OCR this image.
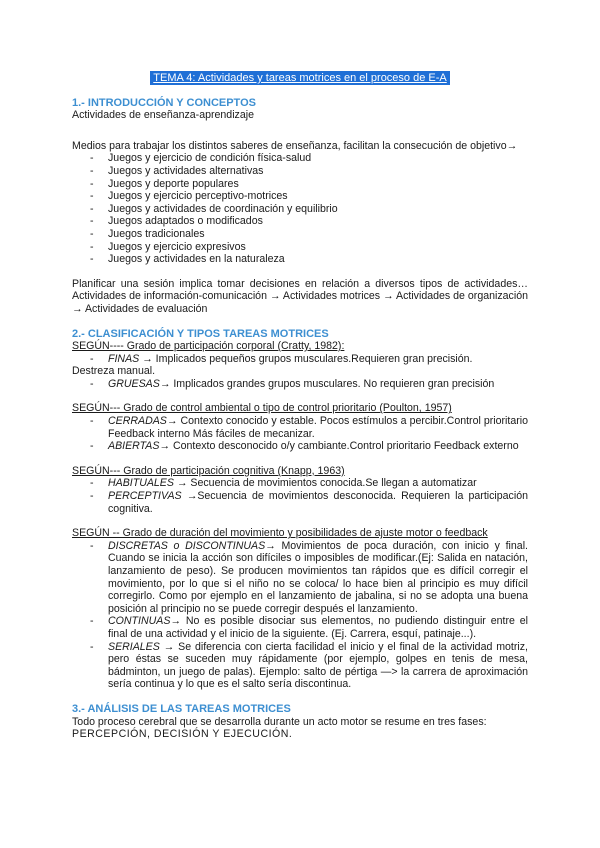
TEMA 4: Actividades y tareas motrices en el proceso de E-A

1.- INTRODUCCIÓN Y CONCEPTOS

Actividades de enseñanza-aprendizaje

Medios para trabajar los distintos saberes de enseñanza, facilitan la consecución de objetivo→

- Juegos y ejercicio de condición física-salud
- Juegos y actividades alternativas
- Juegos y deporte populares
- Juegos y ejercicio perceptivo-motrices
- Juegos y actividades de coordinación y equilibrio
- Juegos adaptados o modificados
- Juegos tradicionales
- Juegos y ejercicio expresivos
- Juegos y actividades en la naturaleza

Planificar una sesión implica tomar decisiones en relación a diversos tipos de actividades… Actividades de información-comunicación → Actividades motrices → Actividades de organización → Actividades de evaluación

2.- CLASIFICACIÓN Y TIPOS TAREAS MOTRICES

SEGÚN---- Grado de participación corporal (Cratty, 1982):

- FINAS → Implicados pequeños grupos musculares.Requieren gran precisión.

Destreza manual.

- GRUESAS→ Implicados grandes grupos musculares. No requieren gran precisión

SEGÚN--- Grado de control ambiental o tipo de control prioritario (Poulton, 1957)

- CERRADAS→ Contexto conocido y estable. Pocos estímulos a percibir.Control prioritario Feedback interno Más fáciles de mecanizar.
- ABIERTAS→ Contexto desconocido o/y cambiante.Control prioritario Feedback externo

SEGÚN--- Grado de participación cognitiva (Knapp, 1963)

- HABITUALES → Secuencia de movimientos conocida.Se llegan a automatizar
- PERCEPTIVAS →Secuencia de movimientos desconocida. Requieren la participación cognitiva.

SEGÚN -- Grado de duración del movimiento y posibilidades de ajuste motor o feedback

- DISCRETAS o DISCONTINUAS→ Movimientos de poca duración, con inicio y final. Cuando se inicia la acción son difíciles o imposibles de modificar.(Ej: Salida en natación, lanzamiento de peso). Se producen movimientos tan rápidos que es difícil corregir el movimiento, por lo que si el niño no se coloca/ lo hace bien al principio es muy difícil corregirlo. Como por ejemplo en el lanzamiento de jabalina, si no se adopta una buena posición al principio no se puede corregir después el lanzamiento.
- CONTINUAS→ No es posible disociar sus elementos, no pudiendo distinguir entre el final de una actividad y el inicio de la siguiente. (Ej. Carrera, esquí, patinaje...).
- SERIALES → Se diferencia con cierta facilidad el inicio y el final de la actividad motriz, pero éstas se suceden muy rápidamente (por ejemplo, golpes en tenis de mesa, bádminton, un juego de palas). Ejemplo: salto de pértiga —> la carrera de aproximación sería continua y lo que es el salto sería discontinua.

3.- ANÁLISIS DE LAS TAREAS MOTRICES

Todo proceso cerebral que se desarrolla durante un acto motor se resume en tres fases:

PERCEPCIÓN, DECISIÓN Y EJECUCIÓN.
